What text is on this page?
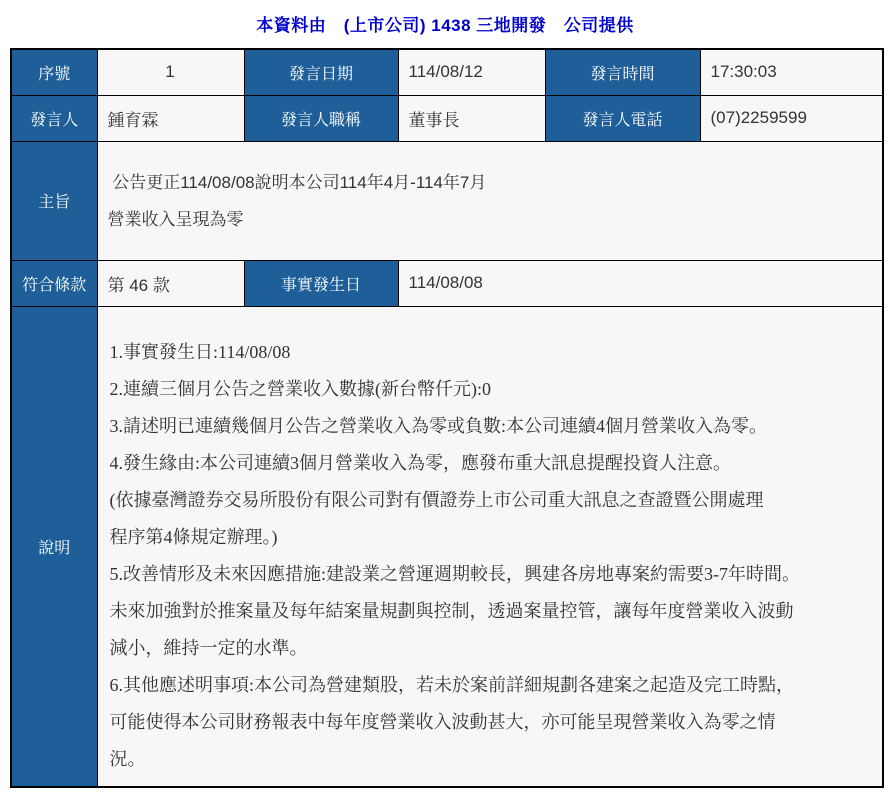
本資料由　(上市公司) 1438 三地開發　公司提供
序號	1	發言日期	114/08/12	發言時間	17:30:03
發言人	鍾育霖	發言人職稱	董事長	發言人電話	(07)2259599
主旨	公告更正114/08/08說明本公司114年4月-114年7月
營業收入呈現為零				

符合條款	第 46 款	事實發生日	114/08/08		
說明	
1.事實發生日:114/08/08
2.連續三個月公告之營業收入數據(新台幣仟元):0
3.請述明已連續幾個月公告之營業收入為零或負數:本公司連續4個月營業收入為零。
4.發生緣由:本公司連續3個月營業收入為零，應發布重大訊息提醒投資人注意。
(依據臺灣證券交易所股份有限公司對有價證券上市公司重大訊息之查證暨公開處理
程序第4條規定辦理。)
5.改善情形及未來因應措施:建設業之營運週期較長，興建各房地專案約需要3-7年時間。
未來加強對於推案量及每年結案量規劃與控制，透過案量控管，讓每年度營業收入波動
減小，維持一定的水準。
6.其他應述明事項:本公司為營建類股，若未於案前詳細規劃各建案之起造及完工時點，
可能使得本公司財務報表中每年度營業收入波動甚大，亦可能呈現營業收入為零之情
況。
